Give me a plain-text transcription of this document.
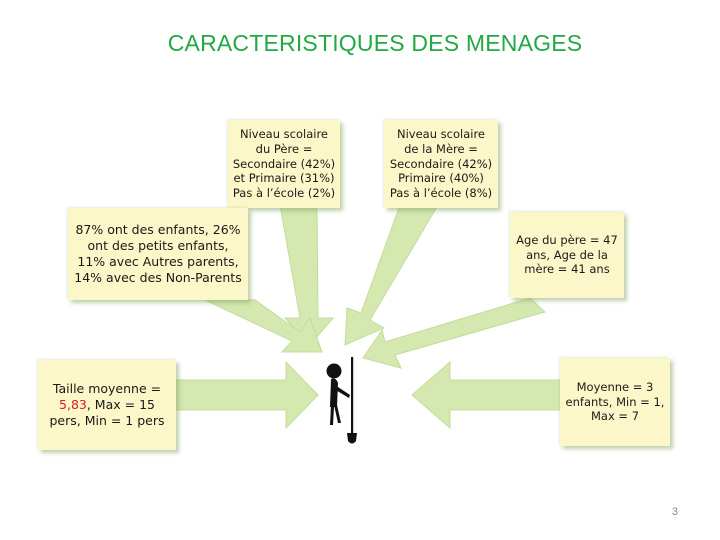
CARACTERISTIQUES DES MENAGES
Niveau scolaire du Père = Secondaire (42%) et Primaire (31%) Pas à l’école (2%)
Niveau scolaire de la Mère = Secondaire (42%) Primaire (40%) Pas à l’école (8%)
87% ont des enfants, 26% ont des petits enfants, 11% avec Autres parents, 14% avec des Non-Parents
Age du père = 47 ans, Age de la mère = 41 ans
Taille moyenne = 5,83, Max = 15 pers, Min = 1 pers
Moyenne = 3 enfants, Min = 1, Max = 7
3
